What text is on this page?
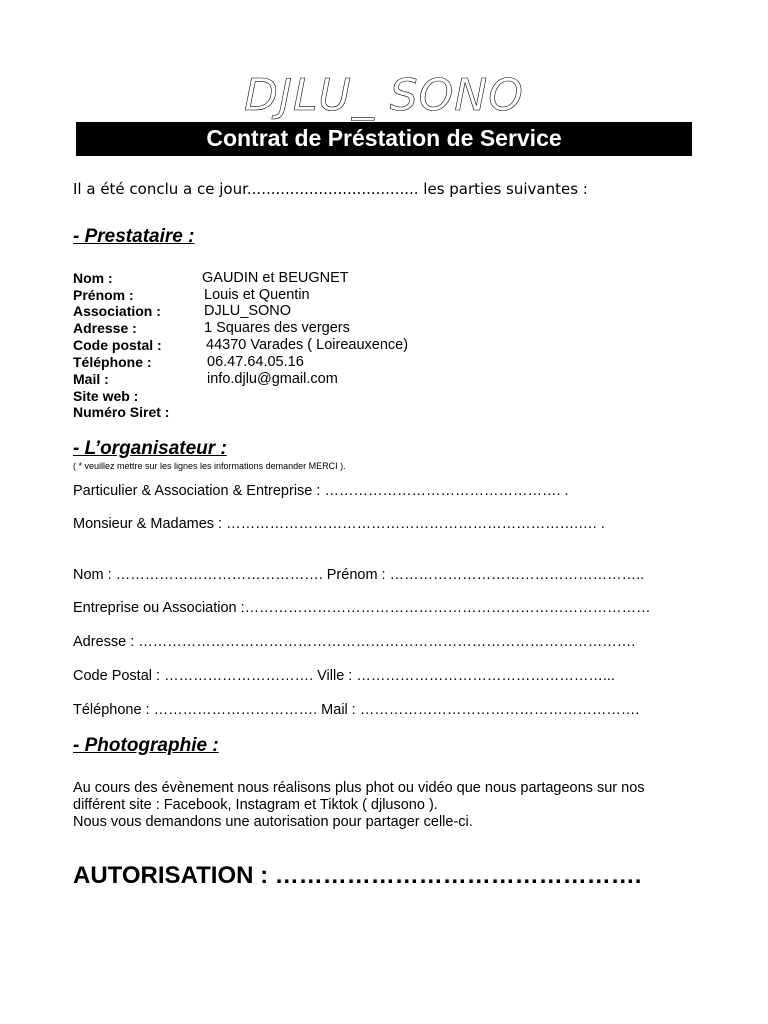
DJLU_ SONO
Contrat de Préstation de Service
Il a été conclu a ce jour.................................... les parties suivantes :
- Prestataire :
Nom :	GAUDIN et BEUGNET
Prénom :	Louis et Quentin
Association :	DJLU_SONO
Adresse :	1 Squares des vergers
Code postal :	44370 Varades ( Loireauxence)
Téléphone :	06.47.64.05.16
Mail :	info.djlu@gmail.com
Site web :
Numéro Siret :
- L’organisateur :
( * veuillez mettre sur les lignes les informations demander MERCI ).
Particulier & Association & Entreprise : …………………………………………. .
Monsieur & Madames : ……………………………………………………………….…. .
Nom : ……………………………………. Prénom : ……………………………………………..
Entreprise ou Association :…………………………………………………………………………
Adresse : ………………………………………………………………………………………….
Code Postal : …………………………. Ville : ……………………………………………...
Téléphone : ……………………………. Mail : ………………………………………………….
- Photographie :
Au cours des évènement nous réalisons plus phot ou vidéo que nous partageons sur nos
différent site : Facebook, Instagram et Tiktok ( djlusono ).
Nous vous demandons une autorisation pour partager celle-ci.
AUTORISATION : ……………………………………….
